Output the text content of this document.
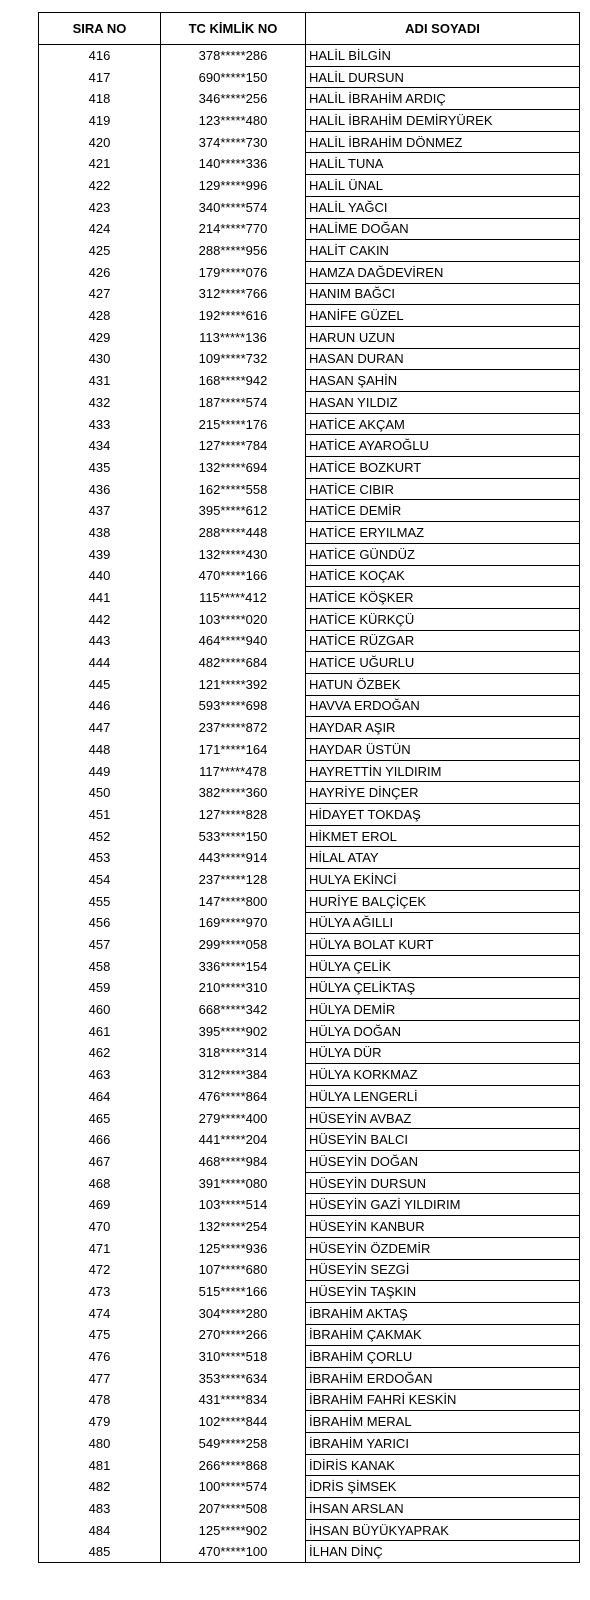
SIRA NO	TC KİMLİK NO	ADI SOYADI
416	378*****286	HALİL BİLGİN
417	690*****150	HALİL DURSUN
418	346*****256	HALİL İBRAHİM ARDIÇ
419	123*****480	HALİL İBRAHİM DEMİRYÜREK
420	374*****730	HALİL İBRAHİM DÖNMEZ
421	140*****336	HALİL TUNA
422	129*****996	HALİL ÜNAL
423	340*****574	HALİL YAĞCI
424	214*****770	HALİME DOĞAN
425	288*****956	HALİT CAKIN
426	179*****076	HAMZA DAĞDEVİREN
427	312*****766	HANIM BAĞCI
428	192*****616	HANİFE GÜZEL
429	113*****136	HARUN UZUN
430	109*****732	HASAN DURAN
431	168*****942	HASAN ŞAHİN
432	187*****574	HASAN YILDIZ
433	215*****176	HATİCE AKÇAM
434	127*****784	HATİCE AYAROĞLU
435	132*****694	HATİCE BOZKURT
436	162*****558	HATİCE CIBIR
437	395*****612	HATİCE DEMİR
438	288*****448	HATİCE ERYILMAZ
439	132*****430	HATİCE GÜNDÜZ
440	470*****166	HATİCE KOÇAK
441	115*****412	HATİCE KÖŞKER
442	103*****020	HATİCE KÜRKÇÜ
443	464*****940	HATİCE RÜZGAR
444	482*****684	HATİCE UĞURLU
445	121*****392	HATUN ÖZBEK
446	593*****698	HAVVA ERDOĞAN
447	237*****872	HAYDAR AŞIR
448	171*****164	HAYDAR ÜSTÜN
449	117*****478	HAYRETTİN YILDIRIM
450	382*****360	HAYRİYE DİNÇER
451	127*****828	HİDAYET TOKDAŞ
452	533*****150	HİKMET EROL
453	443*****914	HİLAL ATAY
454	237*****128	HULYA EKİNCİ
455	147*****800	HURİYE BALÇİÇEK
456	169*****970	HÜLYA AĞILLI
457	299*****058	HÜLYA BOLAT KURT
458	336*****154	HÜLYA ÇELİK
459	210*****310	HÜLYA ÇELİKTAŞ
460	668*****342	HÜLYA DEMİR
461	395*****902	HÜLYA DOĞAN
462	318*****314	HÜLYA DÜR
463	312*****384	HÜLYA KORKMAZ
464	476*****864	HÜLYA LENGERLİ
465	279*****400	HÜSEYİN AVBAZ
466	441*****204	HÜSEYİN BALCI
467	468*****984	HÜSEYİN DOĞAN
468	391*****080	HÜSEYİN DURSUN
469	103*****514	HÜSEYİN GAZİ YILDIRIM
470	132*****254	HÜSEYİN KANBUR
471	125*****936	HÜSEYİN ÖZDEMİR
472	107*****680	HÜSEYİN SEZGİ
473	515*****166	HÜSEYİN TAŞKIN
474	304*****280	İBRAHİM AKTAŞ
475	270*****266	İBRAHİM ÇAKMAK
476	310*****518	İBRAHİM ÇORLU
477	353*****634	İBRAHİM ERDOĞAN
478	431*****834	İBRAHİM FAHRİ KESKİN
479	102*****844	İBRAHİM MERAL
480	549*****258	İBRAHİM YARICI
481	266*****868	İDİRİS KANAK
482	100*****574	İDRİS ŞİMSEK
483	207*****508	İHSAN ARSLAN
484	125*****902	İHSAN BÜYÜKYAPRAK
485	470*****100	İLHAN DİNÇ
